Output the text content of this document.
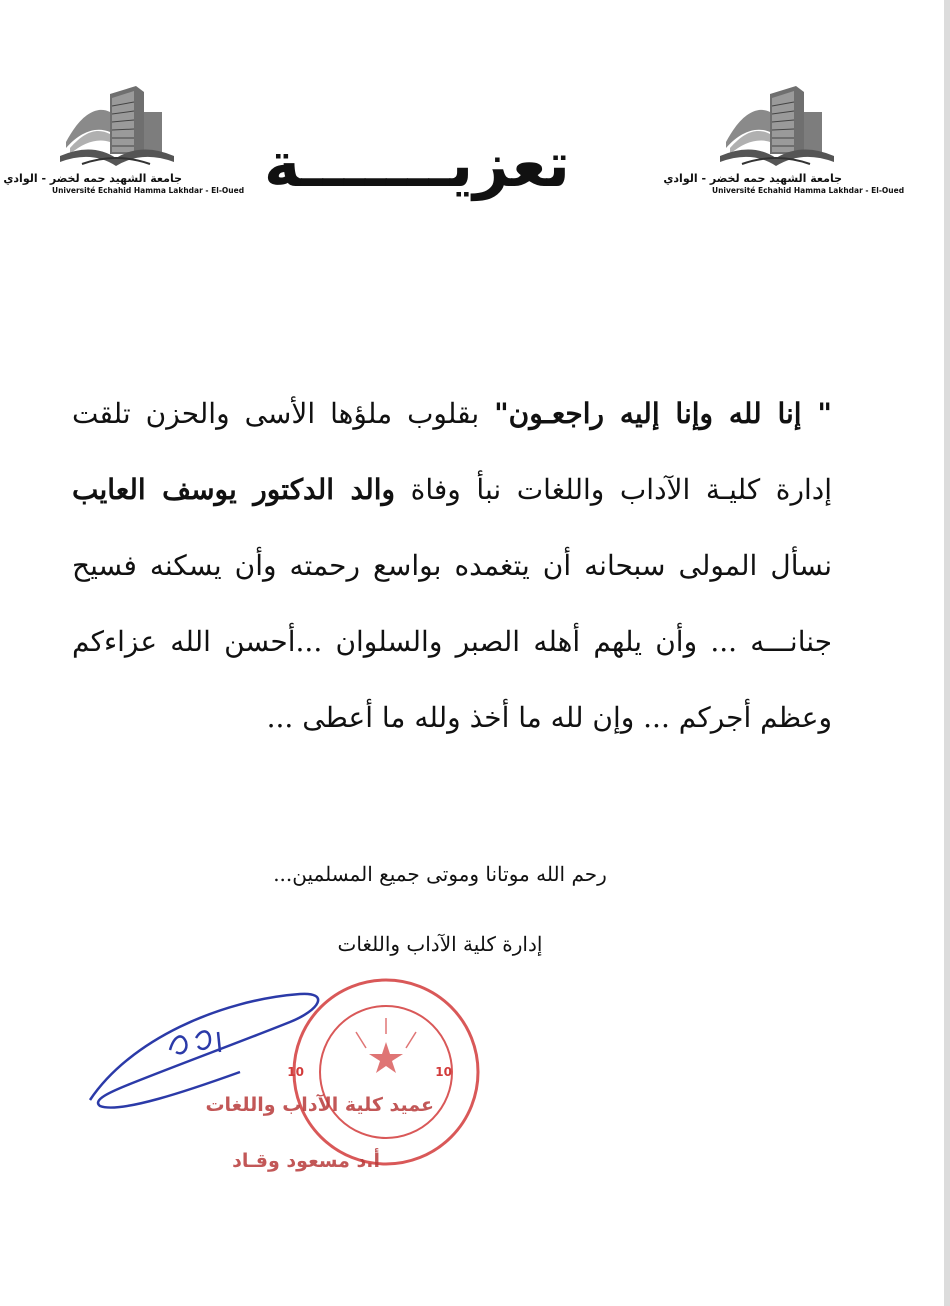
جامعة الشهيد حمه لخضر - الوادي
Université Echahid Hamma Lakhdar - El-Oued
جامعة الشهيد حمه لخضر - الوادي
Université Echahid Hamma Lakhdar - El-Oued
تعزيـــــــة
" إنا لله وإنا إليه راجعـون" بقلوب ملؤها الأسى والحزن تلقت إدارة كليـة الآداب واللغات نبأ وفاة والد الدكتور يوسف العايب نسأل المولى سبحانه أن يتغمده بواسع رحمته وأن يسكنه فسيح جنانـــه ... وأن يلهم أهله الصبر والسلوان ...أحسن الله عزاءكم وعظم أجركم ... وإن لله ما أخذ ولله ما أعطى ...
رحم الله موتانا وموتى جميع المسلمين...
إدارة كلية الآداب واللغات
10	10
عميد كلية الآداب واللغات
أ.د مسعود وقـاد
